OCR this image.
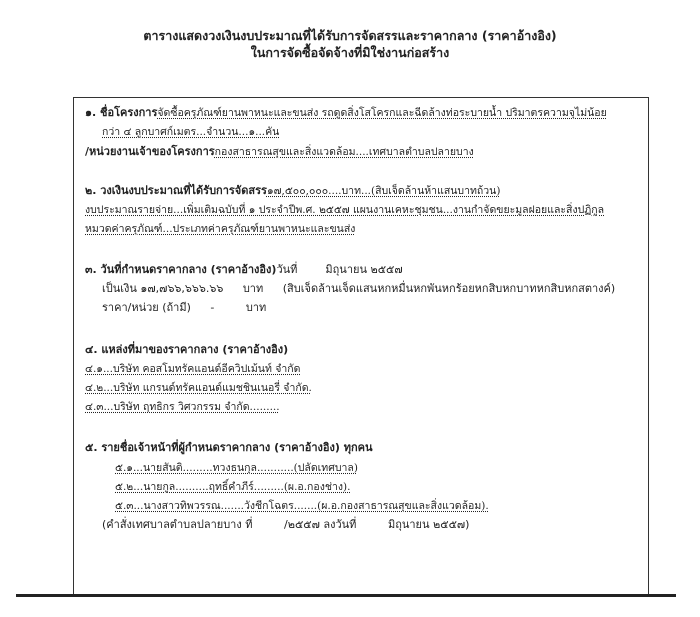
ตารางแสดงวงเงินงบประมาณที่ได้รับการจัดสรรและราคากลาง (ราคาอ้างอิง)
ในการจัดซื้อจัดจ้างที่มิใช่งานก่อสร้าง
๑. ชื่อโครงการจัดซื้อครุภัณฑ์ยานพาหนะและขนส่ง รถดูดสิ่งโสโครกและฉีดล้างท่อระบายน้ำ ปริมาตรความจุไม่น้อย
กว่า ๔ ลูกบาศก์เมตร...จำนวน...๑...คัน
/หน่วยงานเจ้าของโครงการกองสาธารณสุขและสิ่งแวดล้อม....เทศบาลตำบลปลายบาง
๒. วงเงินงบประมาณที่ได้รับการจัดสรร๑๗,๕๐๐,๐๐๐....บาท...(สิบเจ็ดล้านห้าแสนบาทถ้วน)
งบประมาณรายจ่าย...เพิ่มเติมฉบับที่ ๑ ประจำปีพ.ศ. ๒๕๕๗ แผนงานเคหะชุมชน...งานกำจัดขยะมูลฝอยและสิ่งปฏิกูล
หมวดค่าครุภัณฑ์...ประเภทค่าครุภัณฑ์ยานพาหนะและขนส่ง
๓. วันที่กำหนดราคากลาง (ราคาอ้างอิง)วันที่	มิถุนายน ๒๕๕๗
เป็นเงิน ๑๗,๗๖๖,๖๖๖.๖๖ บาท (สิบเจ็ดล้านเจ็ดแสนหกหมื่นหกพันหกร้อยหกสิบหกบาทหกสิบหกสตางค์)
ราคา/หน่วย (ถ้ามี) -	บาท
๔. แหล่งที่มาของราคากลาง (ราคาอ้างอิง)
๔.๑...บริษัท คอสโมทรัคแอนด์อีควิปเม้นท์ จำกัด
๔.๒...บริษัท แกรนด์ทรัคแอนด์แมชชินเนอรี่ จำกัด.
๔.๓...บริษัท ฤทธิกร วิศวกรรม จำกัด.........
๕. รายชื่อเจ้าหน้าที่ผู้กำหนดราคากลาง (ราคาอ้างอิง) ทุกคน
๕.๑...นายสันติ.........ทวงธนกุล...........(ปลัดเทศบาล)
๕.๒...นายกูล..........ฤทธิ์คำภีร์.........(ผ.อ.กองช่าง).
๕.๓...นางสาวทิพวรรณ.......วังชีกโฉตร.......(ผ.อ.กองสาธารณสุขและสิ่งแวดล้อม).
(คำสั่งเทศบาลตำบลปลายบาง ที่	/๒๕๕๗ ลงวันที่	มิถุนายน ๒๕๕๗)
